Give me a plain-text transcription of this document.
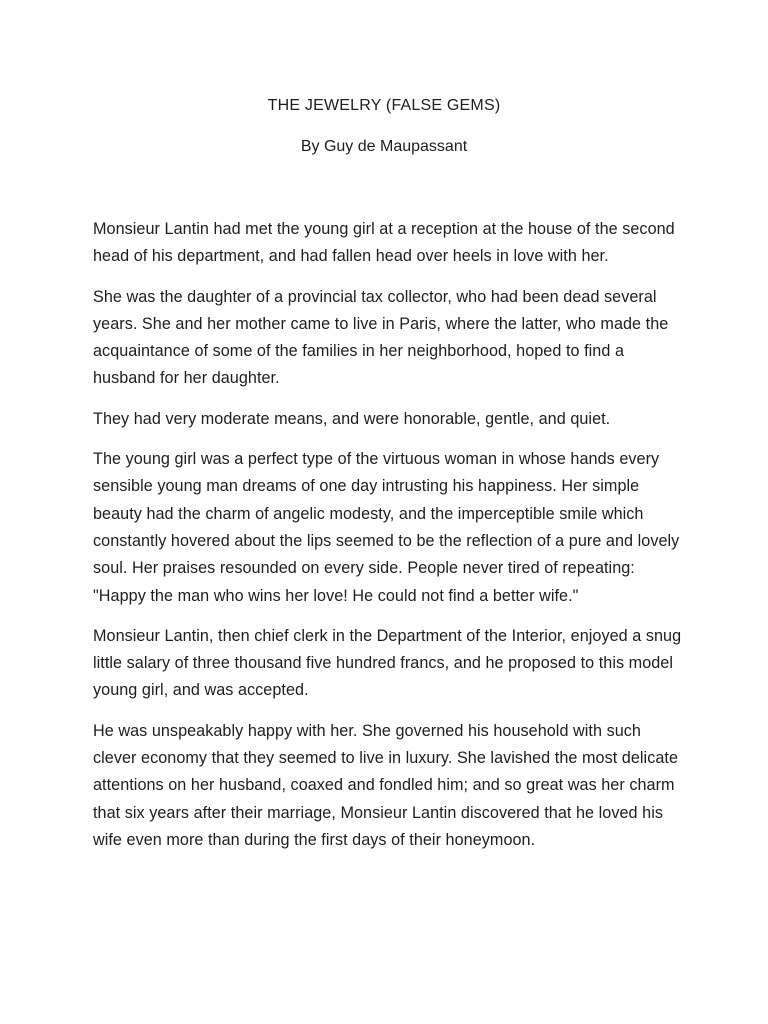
THE JEWELRY (FALSE GEMS)
By Guy de Maupassant

Monsieur Lantin had met the young girl at a reception at the house of the second head of his department, and had fallen head over heels in love with her.

She was the daughter of a provincial tax collector, who had been dead several years. She and her mother came to live in Paris, where the latter, who made the acquaintance of some of the families in her neighborhood, hoped to find a husband for her daughter.

They had very moderate means, and were honorable, gentle, and quiet.

The young girl was a perfect type of the virtuous woman in whose hands every sensible young man dreams of one day intrusting his happiness. Her simple beauty had the charm of angelic modesty, and the imperceptible smile which constantly hovered about the lips seemed to be the reflection of a pure and lovely soul. Her praises resounded on every side. People never tired of repeating: "Happy the man who wins her love! He could not find a better wife."

Monsieur Lantin, then chief clerk in the Department of the Interior, enjoyed a snug little salary of three thousand five hundred francs, and he proposed to this model young girl, and was accepted.

He was unspeakably happy with her. She governed his household with such clever economy that they seemed to live in luxury. She lavished the most delicate attentions on her husband, coaxed and fondled him; and so great was her charm that six years after their marriage, Monsieur Lantin discovered that he loved his wife even more than during the first days of their honeymoon.
